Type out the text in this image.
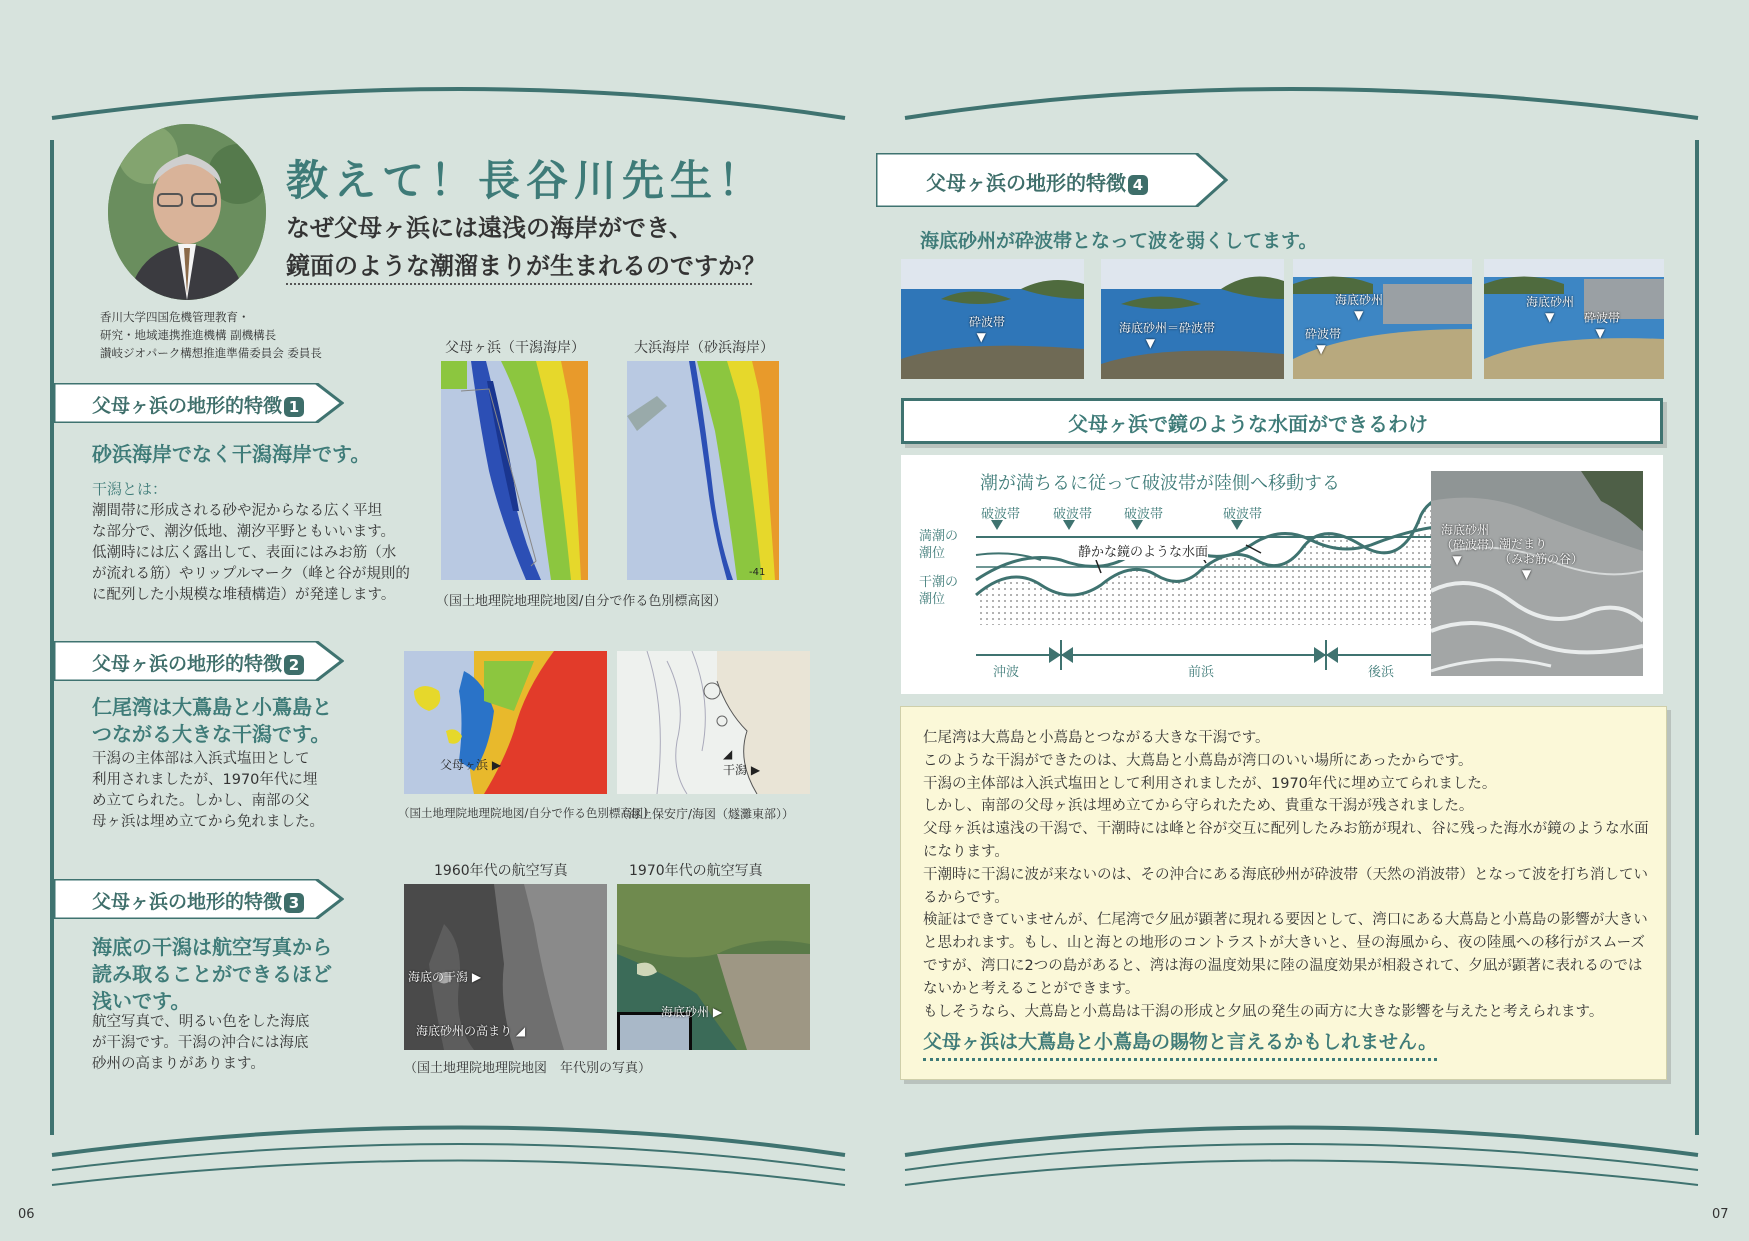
教えて！長谷川先生！
なぜ父母ヶ浜には遠浅の海岸ができ、
鏡面のような潮溜まりが生まれるのですか？
香川大学四国危機管理教育・
研究・地域連携推進機構 副機構長
讃岐ジオパーク構想推進準備委員会 委員長
父母ヶ浜の地形的特徴 1
砂浜海岸でなく干潟海岸です。
干潟とは：
潮間帯に形成される砂や泥からなる広く平坦
な部分で、潮汐低地、潮汐平野ともいいます。
低潮時には広く露出して、表面にはみお筋（水
が流れる筋）やリップルマーク（峰と谷が規則的
に配列した小規模な堆積構造）が発達します。
父母ヶ浜（干潟海岸）	大浜海岸（砂浜海岸）
-41
（国土地理院地理院地図/自分で作る色別標高図）
父母ヶ浜の地形的特徴 2
仁尾湾は大蔦島と小蔦島と
つながる大きな干潟です。
干潟の主体部は入浜式塩田として
利用されましたが、1970年代に埋
め立てられた。しかし、南部の父
母ヶ浜は埋め立てから免れました。
父母ヶ浜 ▶
◢
干潟 ▶
（国土地理院地理院地図/自分で作る色別標高図）
（海上保安庁/海図（燧灘東部））
父母ヶ浜の地形的特徴 3
海底の干潟は航空写真から
読み取ることができるほど
浅いです。
航空写真で、明るい色をした海底
が干潟です。干潟の沖合には海底
砂州の高まりがあります。
1960年代の航空写真	1970年代の航空写真
海底の干潟 ▶
海底砂州の高まり ◢
海底砂州 ▶
（国土地理院地理院地図　年代別の写真）
06
父母ヶ浜の地形的特徴 4
海底砂州が砕波帯となって波を弱くしてます。
砕波帯
▼
海底砂州＝砕波帯
▼
海底砂州
▼
砕波帯
▼
海底砂州
▼	砕波帯
▼
父母ヶ浜で鏡のような水面ができるわけ
潮が満ちるに従って破波帯が陸側へ移動する
破波帯	破波帯 破波帯	破波帯
満潮の
潮位
干潮の
潮位
静かな鏡のような水面
沖波	前浜	後浜
海底砂州
（砕波帯）
▼
潮だまり
（みお筋の谷）
▼
仁尾湾は大蔦島と小蔦島とつながる大きな干潟です。
このような干潟ができたのは、大蔦島と小蔦島が湾口のいい場所にあったからです。
干潟の主体部は入浜式塩田として利用されましたが、1970年代に埋め立てられました。
しかし、南部の父母ヶ浜は埋め立てから守られたため、貴重な干潟が残されました。
父母ヶ浜は遠浅の干潟で、干潮時には峰と谷が交互に配列したみお筋が現れ、谷に残った海水が鏡のような水面になります。
干潮時に干潟に波が来ないのは、その沖合にある海底砂州が砕波帯（天然の消波帯）となって波を打ち消しているからです。
検証はできていませんが、仁尾湾で夕凪が顕著に現れる要因として、湾口にある大蔦島と小蔦島の影響が大きいと思われます。もし、山と海との地形のコントラストが大きいと、昼の海風から、夜の陸風への移行がスムーズですが、湾口に2つの島があると、湾は海の温度効果に陸の温度効果が相殺されて、夕凪が顕著に表れるのではないかと考えることができます。
もしそうなら、大蔦島と小蔦島は干潟の形成と夕凪の発生の両方に大きな影響を与えたと考えられます。
父母ヶ浜は大蔦島と小蔦島の賜物と言えるかもしれません。
07
